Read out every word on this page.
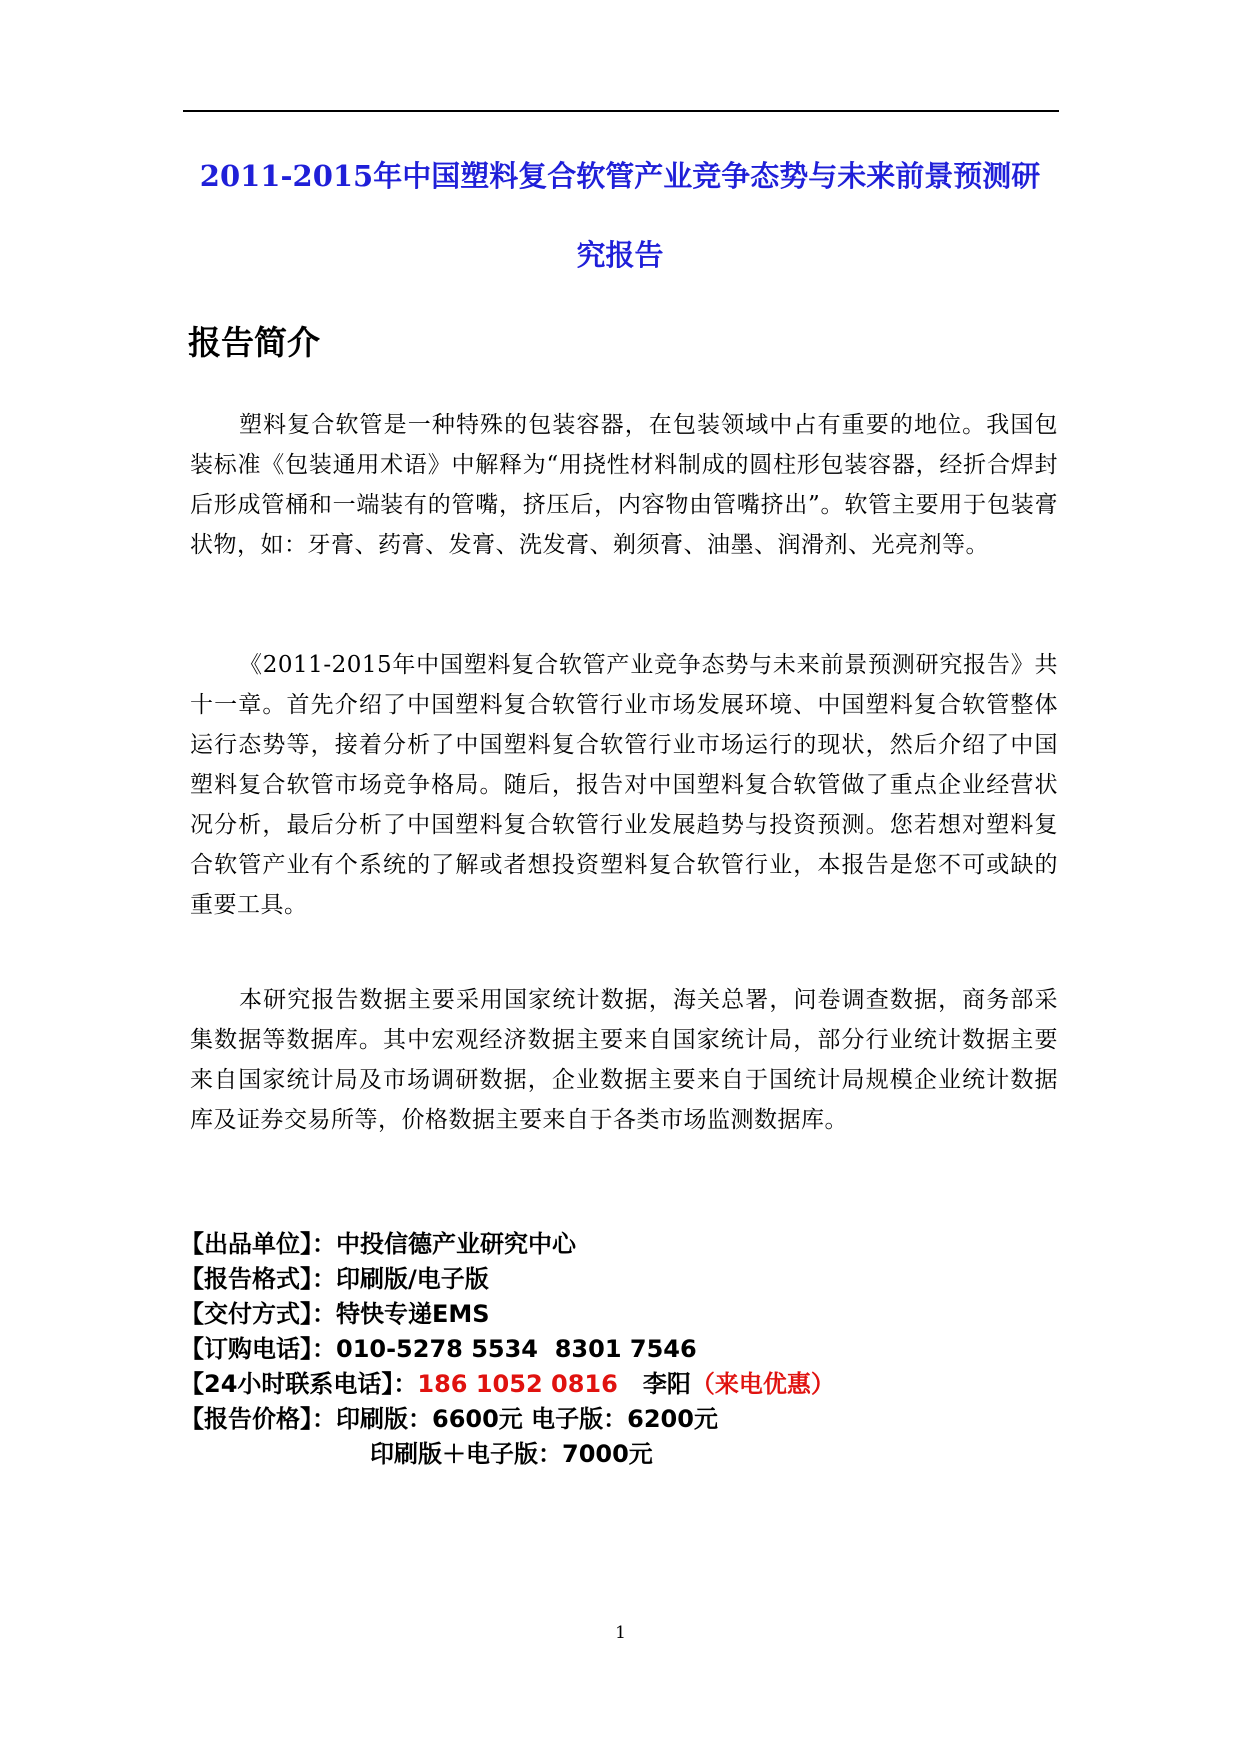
2011-2015年中国塑料复合软管产业竞争态势与未来前景预测研
究报告
报告简介

塑料复合软管是一种特殊的包装容器，在包装领域中占有重要的地位。我国包装标准《包装通用术语》中解释为“用挠性材料制成的圆柱形包装容器，经折合焊封后形成管桶和一端装有的管嘴，挤压后，内容物由管嘴挤出”。软管主要用于包装膏状物，如：牙膏、药膏、发膏、洗发膏、剃须膏、油墨、润滑剂、光亮剂等。

《2011-2015年中国塑料复合软管产业竞争态势与未来前景预测研究报告》共十一章。首先介绍了中国塑料复合软管行业市场发展环境、中国塑料复合软管整体运行态势等，接着分析了中国塑料复合软管行业市场运行的现状，然后介绍了中国塑料复合软管市场竞争格局。随后，报告对中国塑料复合软管做了重点企业经营状况分析，最后分析了中国塑料复合软管行业发展趋势与投资预测。您若想对塑料复合软管产业有个系统的了解或者想投资塑料复合软管行业，本报告是您不可或缺的重要工具。

本研究报告数据主要采用国家统计数据，海关总署，问卷调查数据，商务部采集数据等数据库。其中宏观经济数据主要来自国家统计局，部分行业统计数据主要来自国家统计局及市场调研数据，企业数据主要来自于国统计局规模企业统计数据库及证券交易所等，价格数据主要来自于各类市场监测数据库。

【出品单位】：中投信德产业研究中心
【报告格式】：印刷版/电子版
【交付方式】：特快专递EMS
【订购电话】：010-5278 5534  8301 7546
【24小时联系电话】：186 1052 0816 李阳（来电优惠）
【报告价格】：印刷版：6600元 电子版：6200元
印刷版＋电子版：7000元
1
